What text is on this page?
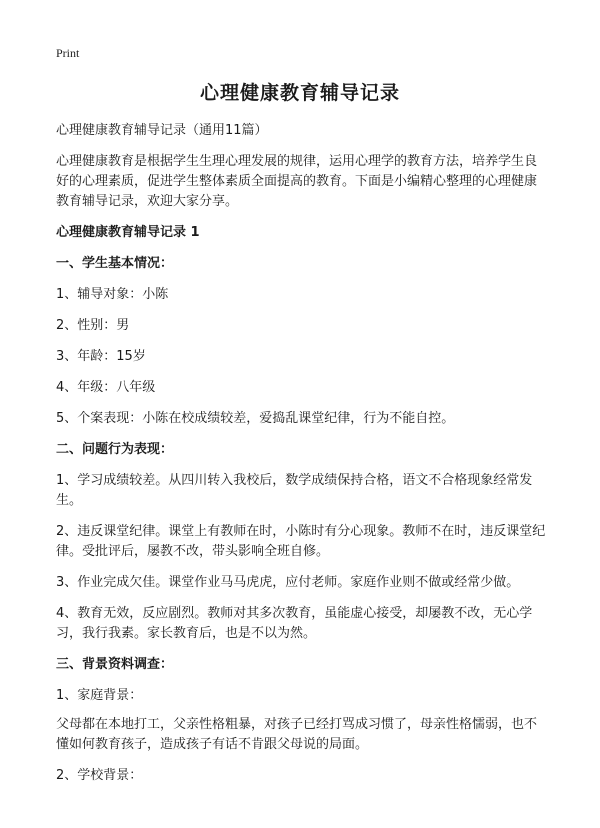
Print
心理健康教育辅导记录

心理健康教育辅导记录（通用11篇）

心理健康教育是根据学生生理心理发展的规律，运用心理学的教育方法，培养学生良好的心理素质，促进学生整体素质全面提高的教育。下面是小编精心整理的心理健康教育辅导记录，欢迎大家分享。

心理健康教育辅导记录 1

一、学生基本情况：

1、辅导对象：小陈

2、性别：男

3、年龄：15岁

4、年级：八年级

5、个案表现：小陈在校成绩较差，爱捣乱课堂纪律，行为不能自控。

二、问题行为表现：

1、学习成绩较差。从四川转入我校后，数学成绩保持合格，语文不合格现象经常发生。

2、违反课堂纪律。课堂上有教师在时，小陈时有分心现象。教师不在时，违反课堂纪律。受批评后，屡教不改，带头影响全班自修。

3、作业完成欠佳。课堂作业马马虎虎，应付老师。家庭作业则不做或经常少做。

4、教育无效，反应剧烈。教师对其多次教育，虽能虚心接受，却屡教不改，无心学习，我行我素。家长教育后，也是不以为然。

三、背景资料调查：

1、家庭背景：

父母都在本地打工，父亲性格粗暴，对孩子已经打骂成习惯了，母亲性格懦弱，也不懂如何教育孩子，造成孩子有话不肯跟父母说的局面。

2、学校背景：
